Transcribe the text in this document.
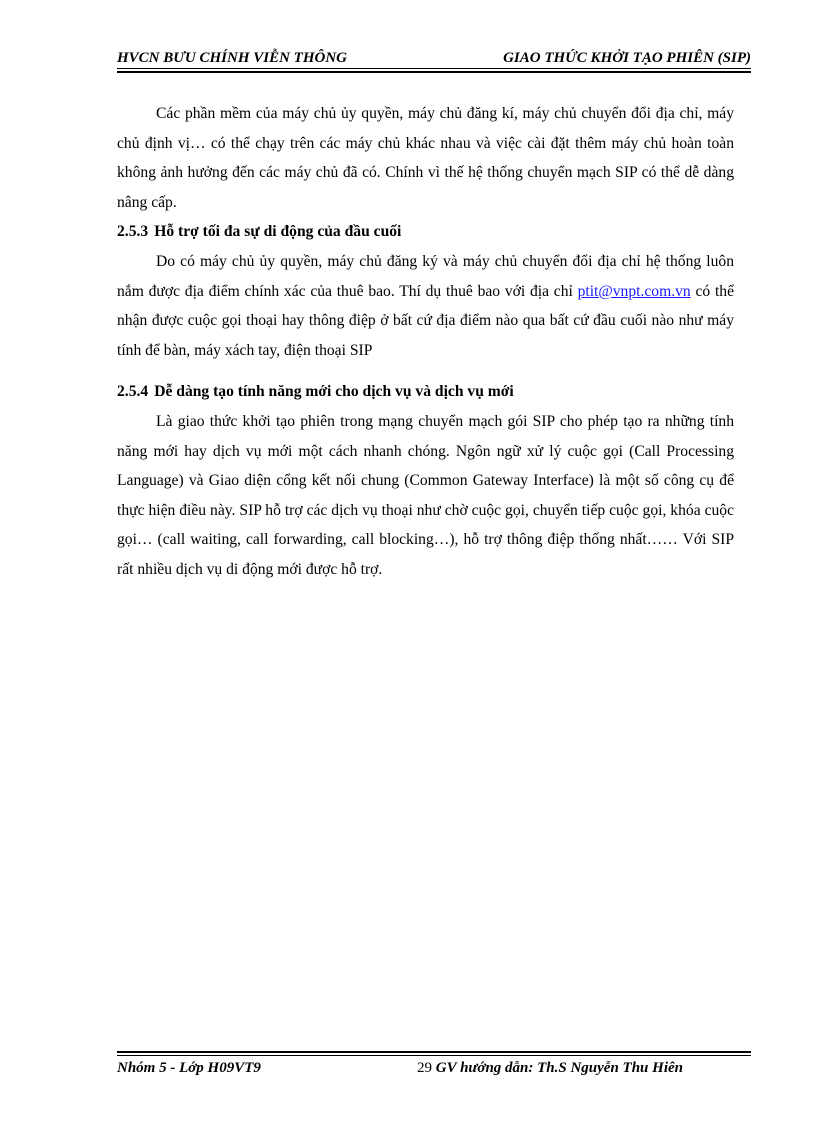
HVCN BƯU CHÍNH VIỄN THÔNG	GIAO THỨC KHỞI TẠO PHIÊN (SIP)

Các phần mềm của máy chủ ủy quyền, máy chủ đăng kí, máy chủ chuyển đổi địa chỉ, máy chủ định vị… có thể chạy trên các máy chủ khác nhau và việc cài đặt thêm máy chủ hoàn toàn không ảnh hưởng đến các máy chủ đã có. Chính vì thế hệ thống chuyển mạch SIP có thể dễ dàng nâng cấp.

2.5.3 Hỗ trợ tối đa sự di động của đầu cuối

Do có máy chủ ủy quyền, máy chủ đăng ký và máy chủ chuyển đổi địa chỉ hệ thống luôn nắm được địa điểm chính xác của thuê bao. Thí dụ thuê bao với địa chỉ ptit@vnpt.com.vn có thể nhận được cuộc gọi thoại hay thông điệp ở bất cứ địa điểm nào qua bất cứ đầu cuối nào như máy tính để bàn, máy xách tay, điện thoại SIP

2.5.4 Dễ dàng tạo tính năng mới cho dịch vụ và dịch vụ mới

Là giao thức khởi tạo phiên trong mạng chuyển mạch gói SIP cho phép tạo ra những tính năng mới hay dịch vụ mới một cách nhanh chóng. Ngôn ngữ xử lý cuộc gọi (Call Processing Language) và Giao diện cổng kết nối chung (Common Gateway Interface) là một số công cụ để thực hiện điều này. SIP hỗ trợ các dịch vụ thoại như chờ cuộc gọi, chuyển tiếp cuộc gọi, khóa cuộc gọi… (call waiting, call forwarding, call blocking…), hỗ trợ thông điệp thống nhất…… Với SIP rất nhiều dịch vụ di động mới được hỗ trợ.

Nhóm 5 - Lớp H09VT9	29 GV hướng dẫn: Th.S Nguyễn Thu Hiên
